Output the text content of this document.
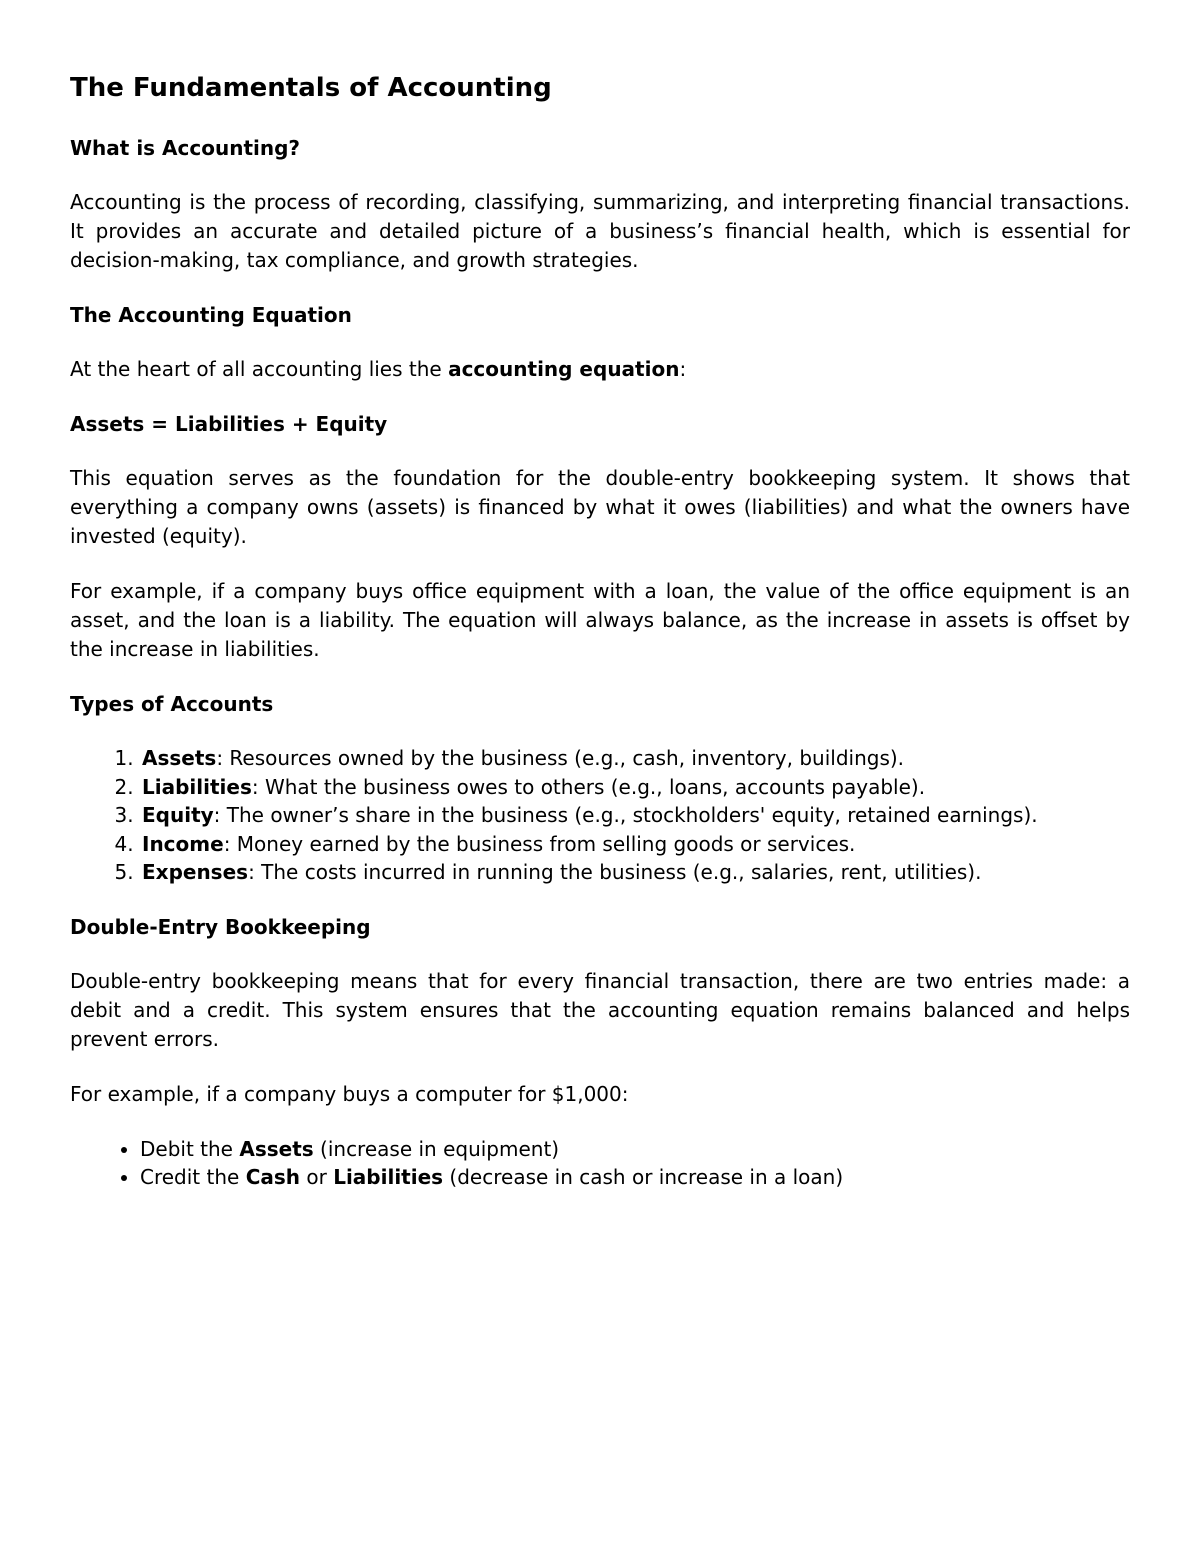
The Fundamentals of Accounting
What is Accounting?

Accounting is the process of recording, classifying, summarizing, and interpreting financial transactions. It provides an accurate and detailed picture of a business’s financial health, which is essential for decision-making, tax compliance, and growth strategies.

The Accounting Equation

At the heart of all accounting lies the accounting equation:

Assets = Liabilities + Equity

This equation serves as the foundation for the double-entry bookkeeping system. It shows that everything a company owns (assets) is financed by what it owes (liabilities) and what the owners have invested (equity).

For example, if a company buys office equipment with a loan, the value of the office equipment is an asset, and the loan is a liability. The equation will always balance, as the increase in assets is offset by the increase in liabilities.

Types of Accounts
1. Assets: Resources owned by the business (e.g., cash, inventory, buildings).
2. Liabilities: What the business owes to others (e.g., loans, accounts payable).
3. Equity: The owner’s share in the business (e.g., stockholders' equity, retained earnings).
4. Income: Money earned by the business from selling goods or services.
5. Expenses: The costs incurred in running the business (e.g., salaries, rent, utilities).
Double-Entry Bookkeeping

Double-entry bookkeeping means that for every financial transaction, there are two entries made: a debit and a credit. This system ensures that the accounting equation remains balanced and helps prevent errors.

For example, if a company buys a computer for $1,000:

• Debit the Assets (increase in equipment)
• Credit the Cash or Liabilities (decrease in cash or increase in a loan)
